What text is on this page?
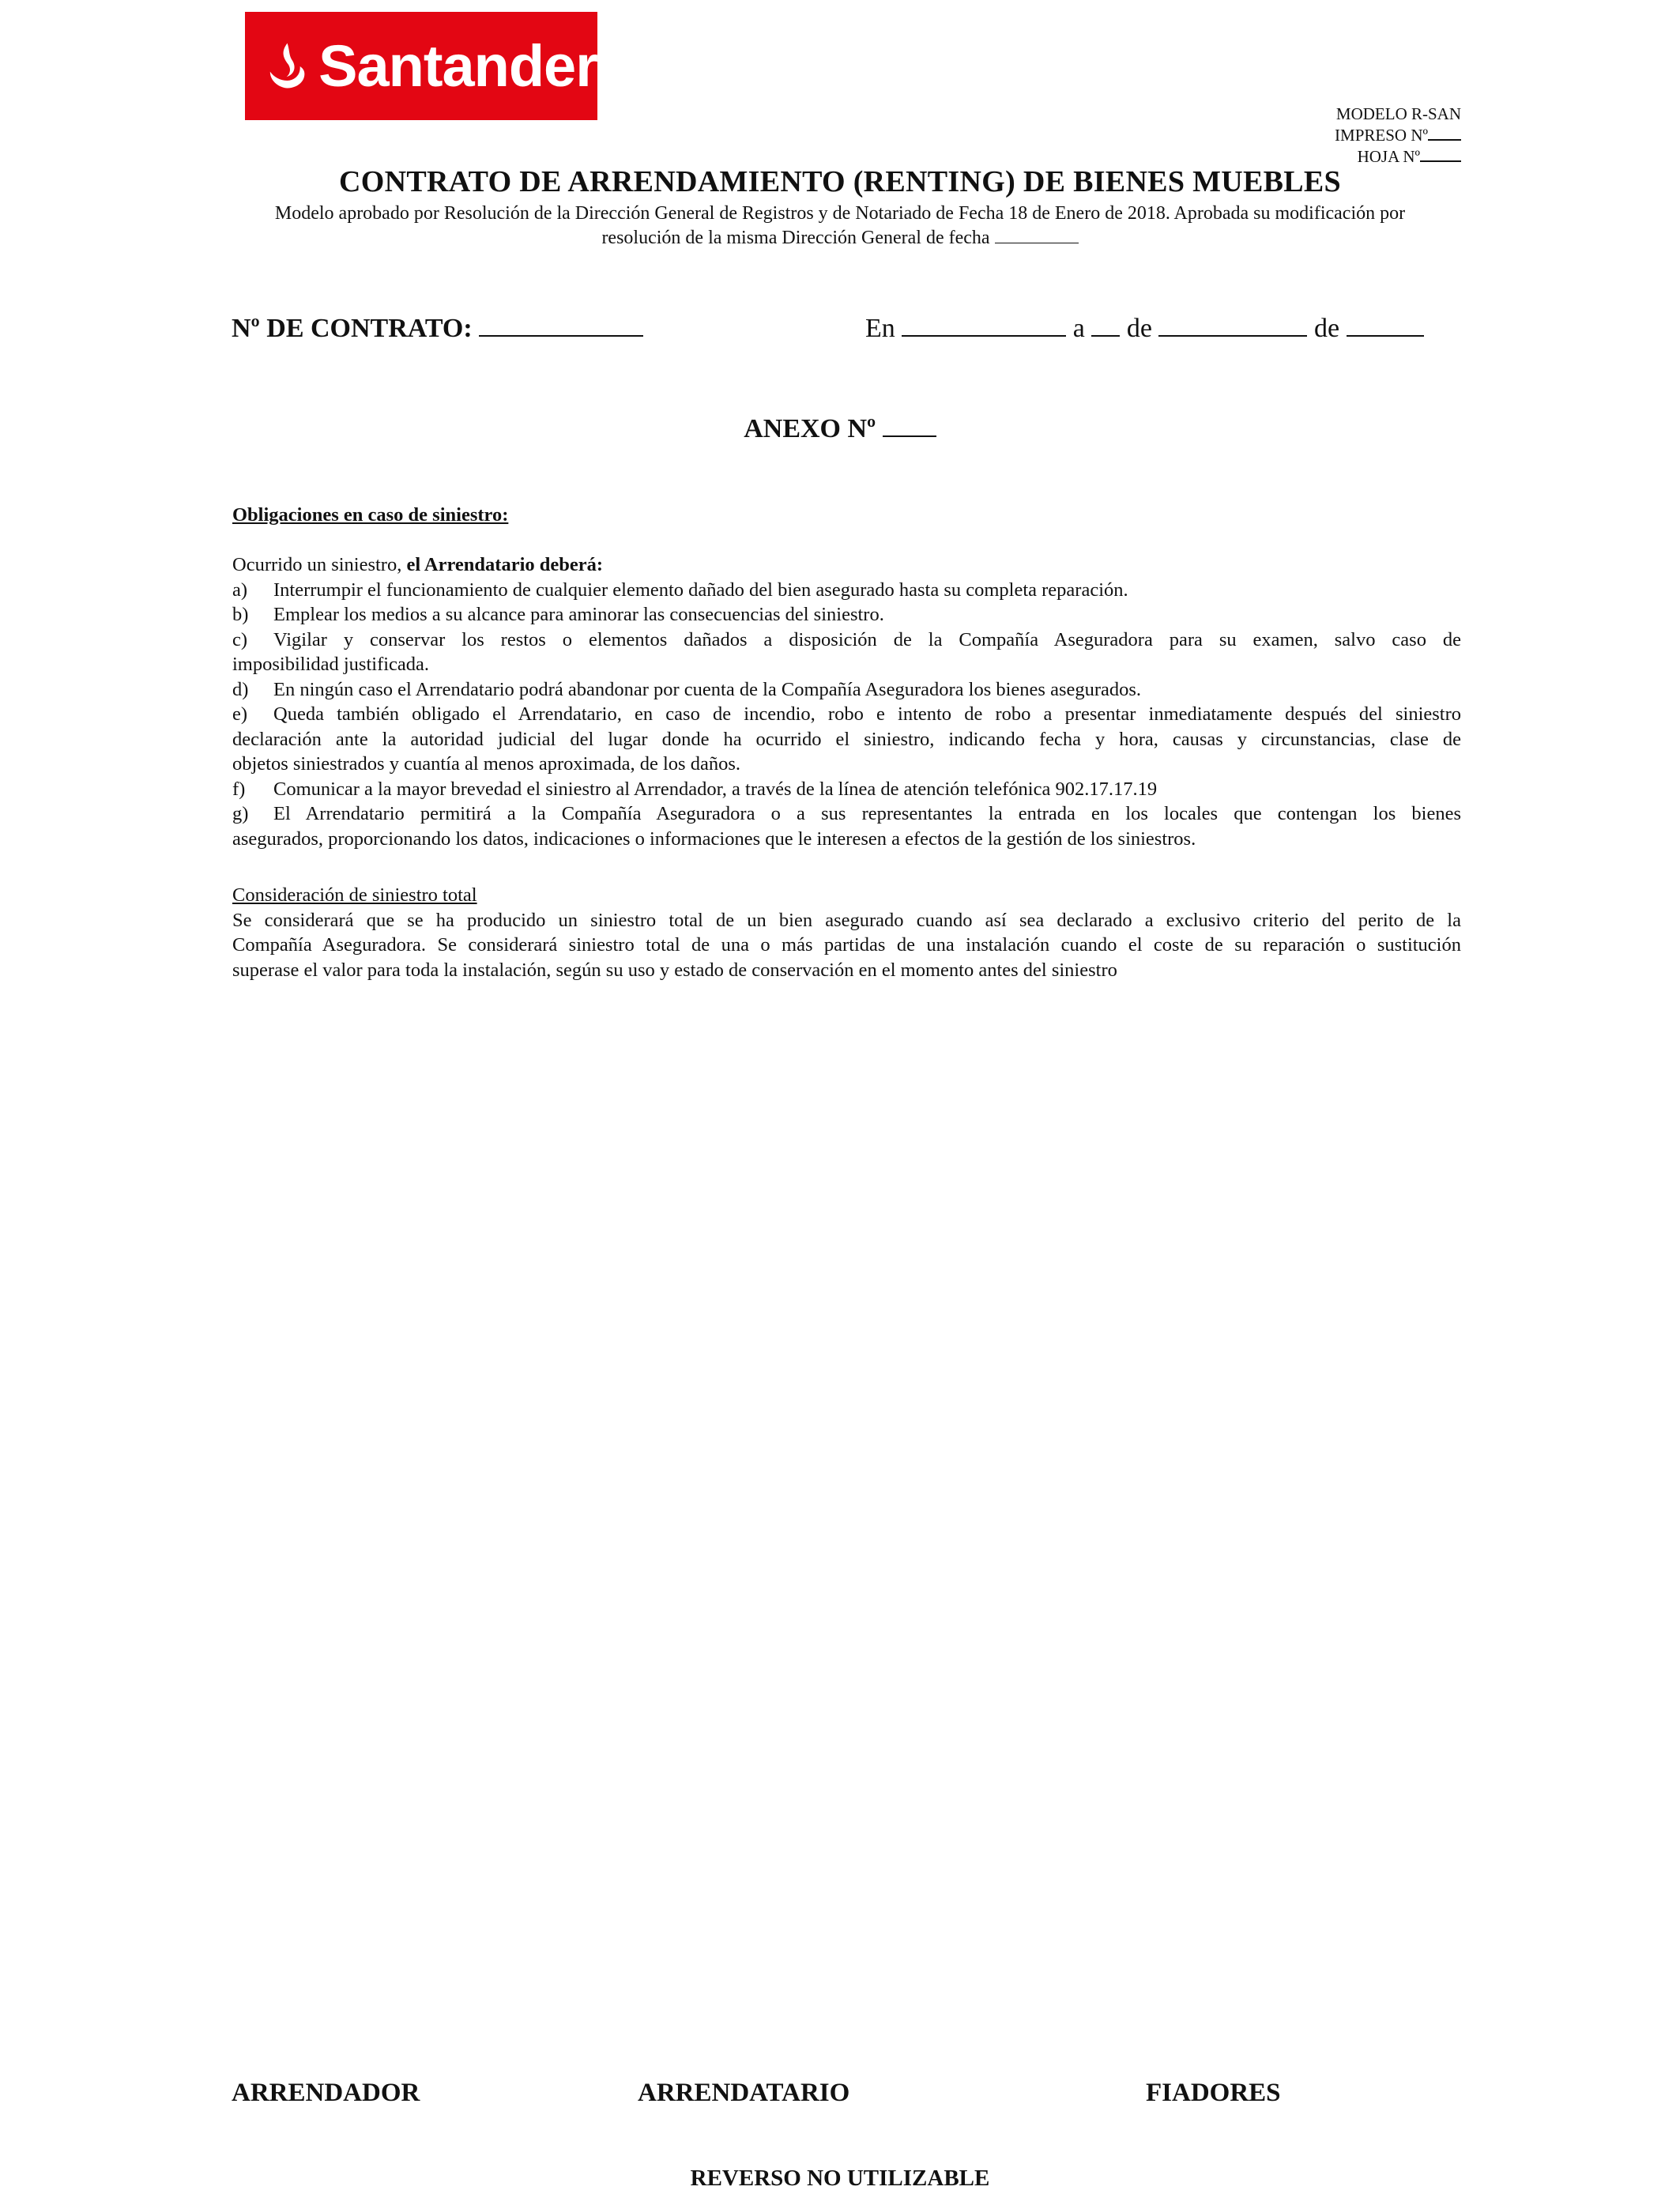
Santander
MODELO R-SAN
IMPRESO Nº
HOJA Nº
CONTRATO DE ARRENDAMIENTO (RENTING) DE BIENES MUEBLES
Modelo aprobado por Resolución de la Dirección General de Registros y de Notariado de Fecha 18 de Enero de 2018. Aprobada su modificación por
resolución de la misma Dirección General de fecha
Nº DE CONTRATO:	En	a de	de
ANEXO Nº
Obligaciones en caso de siniestro:
Ocurrido un siniestro, el Arrendatario deberá:
a) Interrumpir el funcionamiento de cualquier elemento dañado del bien asegurado hasta su completa reparación.
b) Emplear los medios a su alcance para aminorar las consecuencias del siniestro.
c) Vigilar y conservar los restos o elementos dañados a disposición de la Compañía Aseguradora para su examen, salvo caso de
imposibilidad justificada.
d) En ningún caso el Arrendatario podrá abandonar por cuenta de la Compañía Aseguradora los bienes asegurados.
e) Queda también obligado el Arrendatario, en caso de incendio, robo e intento de robo a presentar inmediatamente después del siniestro
declaración ante la autoridad judicial del lugar donde ha ocurrido el siniestro, indicando fecha y hora, causas y circunstancias, clase de
objetos siniestrados y cuantía al menos aproximada, de los daños.
f) Comunicar a la mayor brevedad el siniestro al Arrendador, a través de la línea de atención telefónica 902.17.17.19
g) El Arrendatario permitirá a la Compañía Aseguradora o a sus representantes la entrada en los locales que contengan los bienes
asegurados, proporcionando los datos, indicaciones o informaciones que le interesen a efectos de la gestión de los siniestros.
Consideración de siniestro total
Se considerará que se ha producido un siniestro total de un bien asegurado cuando así sea declarado a exclusivo criterio del perito de la
Compañía Aseguradora. Se considerará siniestro total de una o más partidas de una instalación cuando el coste de su reparación o sustitución
superase el valor para toda la instalación, según su uso y estado de conservación en el momento antes del siniestro
ARRENDADOR	ARRENDATARIO	FIADORES
REVERSO NO UTILIZABLE
